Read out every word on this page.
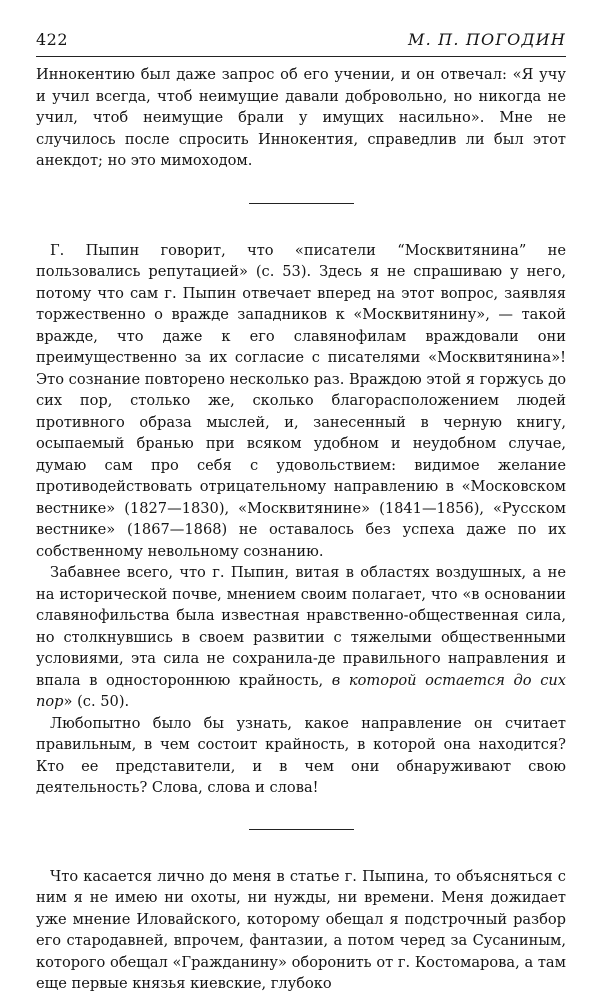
422	М. П. ПОГОДИН

Иннокентию был даже запрос об его учении, и он отвечал: «Я учу и учил всегда, чтоб неимущие давали добровольно, но никогда не учил, чтоб неимущие брали у имущих насильно». Мне не случилось после спросить Иннокентия, справедлив ли был этот анекдот; но это мимоходом.

Г. Пыпин говорит, что «писатели “Москвитянина” не пользовались репутацией» (с. 53). Здесь я не спрашиваю у него, потому что сам г. Пыпин отвечает вперед на этот вопрос, заявляя торжественно о вражде западников к «Москвитянину», — такой вражде, что даже к его славянофилам враждовали они преимущественно за их согласие с писателями «Москвитянина»! Это сознание повторено несколько раз. Враждою этой я горжусь до сих пор, столько же, сколько благорасположением людей противного образа мыслей, и, занесенный в черную книгу, осыпаемый бранью при всяком удобном и неудобном случае, думаю сам про себя с удовольствием: видимое желание противодействовать отрицательному направлению в «Московском вестнике» (1827—1830), «Москвитянине» (1841—1856), «Русском вестнике» (1867—1868) не оставалось без успеха даже по их собственному невольному сознанию.

Забавнее всего, что г. Пыпин, витая в областях воздушных, а не на исторической почве, мнением своим полагает, что «в основании славянофильства была известная нравственно-общественная сила, но столкнувшись в своем развитии с тяжелыми общественными условиями, эта сила не сохранила-де правильного направления и впала в одностороннюю крайность, в которой остается до сих пор» (с. 50).

Любопытно было бы узнать, какое направление он считает правильным, в чем состоит крайность, в которой она находится? Кто ее представители, и в чем они обнаруживают свою деятельность? Слова, слова и слова!

Что касается лично до меня в статье г. Пыпина, то объясняться с ним я не имею ни охоты, ни нужды, ни времени. Меня дожидает уже мнение Иловайского, которому обещал я подстрочный разбор его стародавней, впрочем, фантазии, а потом черед за Сусаниным, которого обещал «Гражданину» оборонить от г. Костомарова, а там еще первые князья киевские, глубоко
